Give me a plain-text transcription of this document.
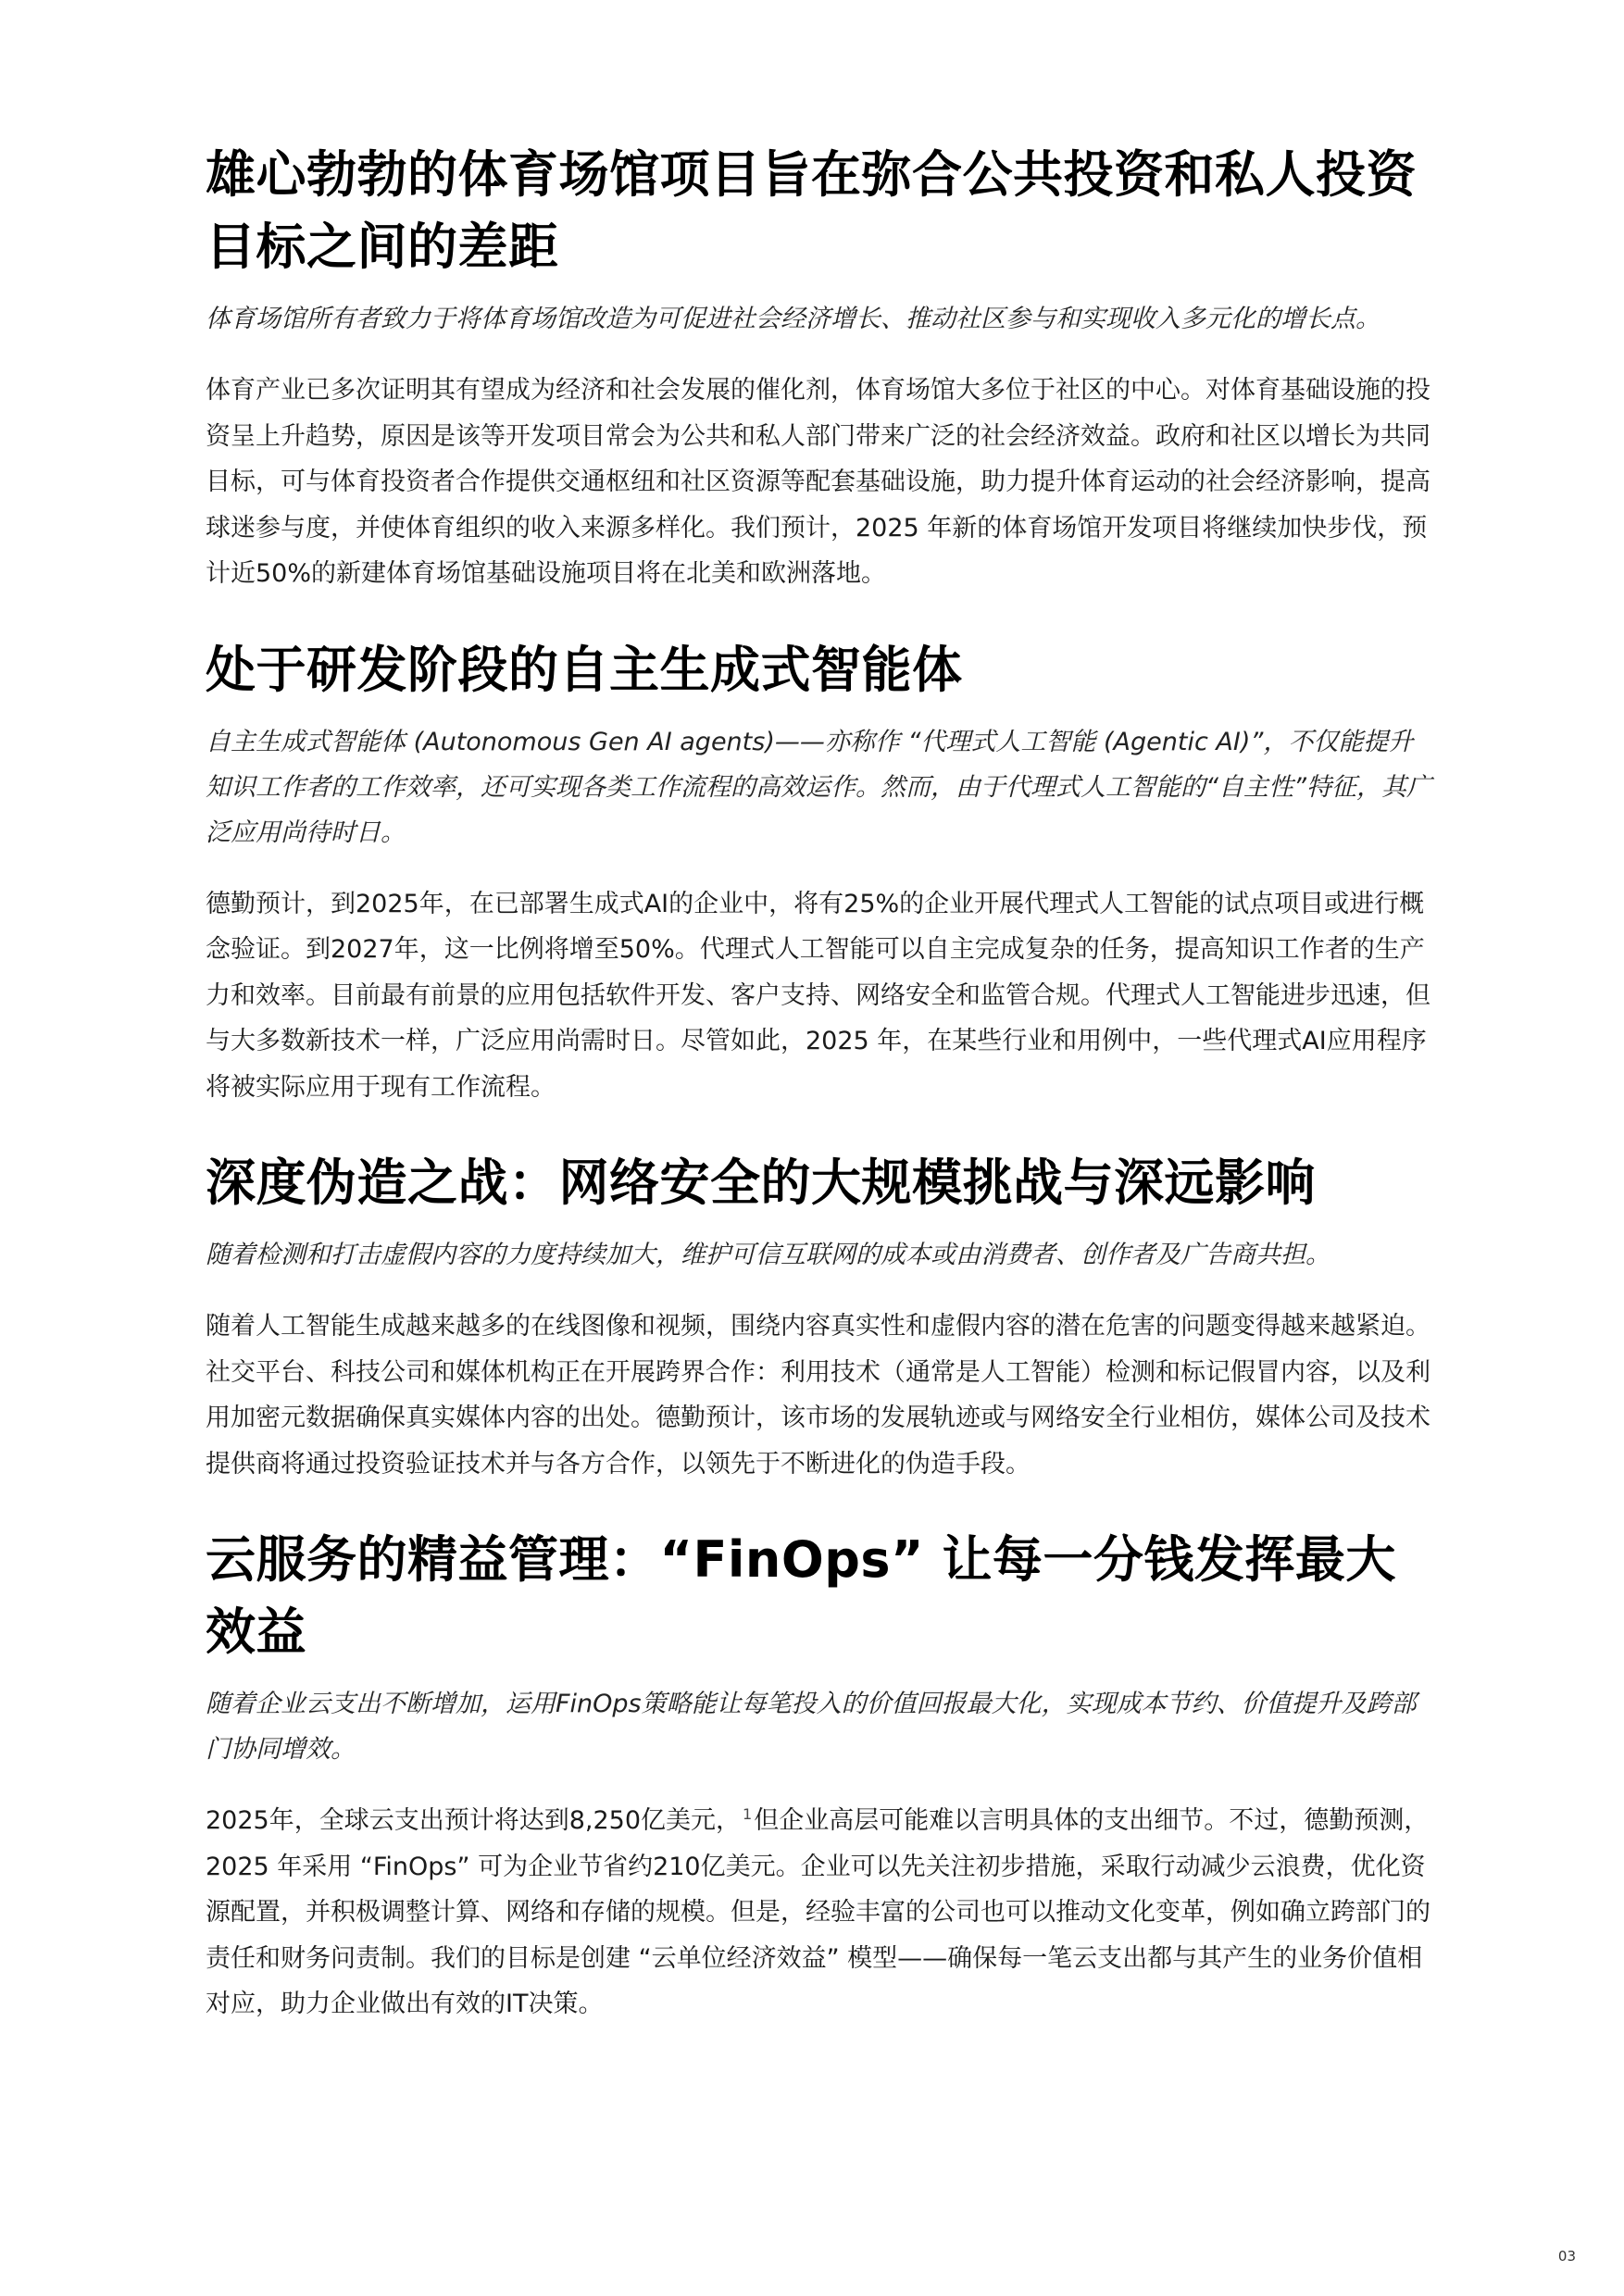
雄心勃勃的体育场馆项目旨在弥合公共投资和私人投资目标之间的差距

体育场馆所有者致力于将体育场馆改造为可促进社会经济增长、推动社区参与和实现收入多元化的增长点。

体育产业已多次证明其有望成为经济和社会发展的催化剂，体育场馆大多位于社区的中心。对体育基础设施的投资呈上升趋势，原因是该等开发项目常会为公共和私人部门带来广泛的社会经济效益。政府和社区以增长为共同目标，可与体育投资者合作提供交通枢纽和社区资源等配套基础设施，助力提升体育运动的社会经济影响，提高球迷参与度，并使体育组织的收入来源多样化。我们预计，2025 年新的体育场馆开发项目将继续加快步伐，预计近50%的新建体育场馆基础设施项目将在北美和欧洲落地。

处于研发阶段的自主生成式智能体

自主生成式智能体 (Autonomous Gen AI agents)——亦称作 “代理式人工智能 (Agentic AI)”，不仅能提升知识工作者的工作效率，还可实现各类工作流程的高效运作。然而，由于代理式人工智能的“自主性”特征，其广泛应用尚待时日。

德勤预计，到2025年，在已部署生成式AI的企业中，将有25%的企业开展代理式人工智能的试点项目或进行概念验证。到2027年，这一比例将增至50%。代理式人工智能可以自主完成复杂的任务，提高知识工作者的生产力和效率。目前最有前景的应用包括软件开发、客户支持、网络安全和监管合规。代理式人工智能进步迅速，但与大多数新技术一样，广泛应用尚需时日。尽管如此，2025 年，在某些行业和用例中，一些代理式AI应用程序将被实际应用于现有工作流程。

深度伪造之战：网络安全的大规模挑战与深远影响

随着检测和打击虚假内容的力度持续加大，维护可信互联网的成本或由消费者、创作者及广告商共担。

随着人工智能生成越来越多的在线图像和视频，围绕内容真实性和虚假内容的潜在危害的问题变得越来越紧迫。社交平台、科技公司和媒体机构正在开展跨界合作：利用技术（通常是人工智能）检测和标记假冒内容，以及利用加密元数据确保真实媒体内容的出处。德勤预计，该市场的发展轨迹或与网络安全行业相仿，媒体公司及技术提供商将通过投资验证技术并与各方合作，以领先于不断进化的伪造手段。

云服务的精益管理：“FinOps” 让每一分钱发挥最大效益

随着企业云支出不断增加，运用FinOps策略能让每笔投入的价值回报最大化，实现成本节约、价值提升及跨部门协同增效。

2025年，全球云支出预计将达到8,250亿美元， $^1$但企业高层可能难以言明具体的支出细节。不过，德勤预测，2025 年采用 “FinOps” 可为企业节省约210亿美元。企业可以先关注初步措施，采取行动减少云浪费，优化资源配置，并积极调整计算、网络和存储的规模。但是，经验丰富的公司也可以推动文化变革，例如确立跨部门的责任和财务问责制。我们的目标是创建 “云单位经济效益” 模型——确保每一笔云支出都与其产生的业务价值相对应，助力企业做出有效的IT决策。

03
